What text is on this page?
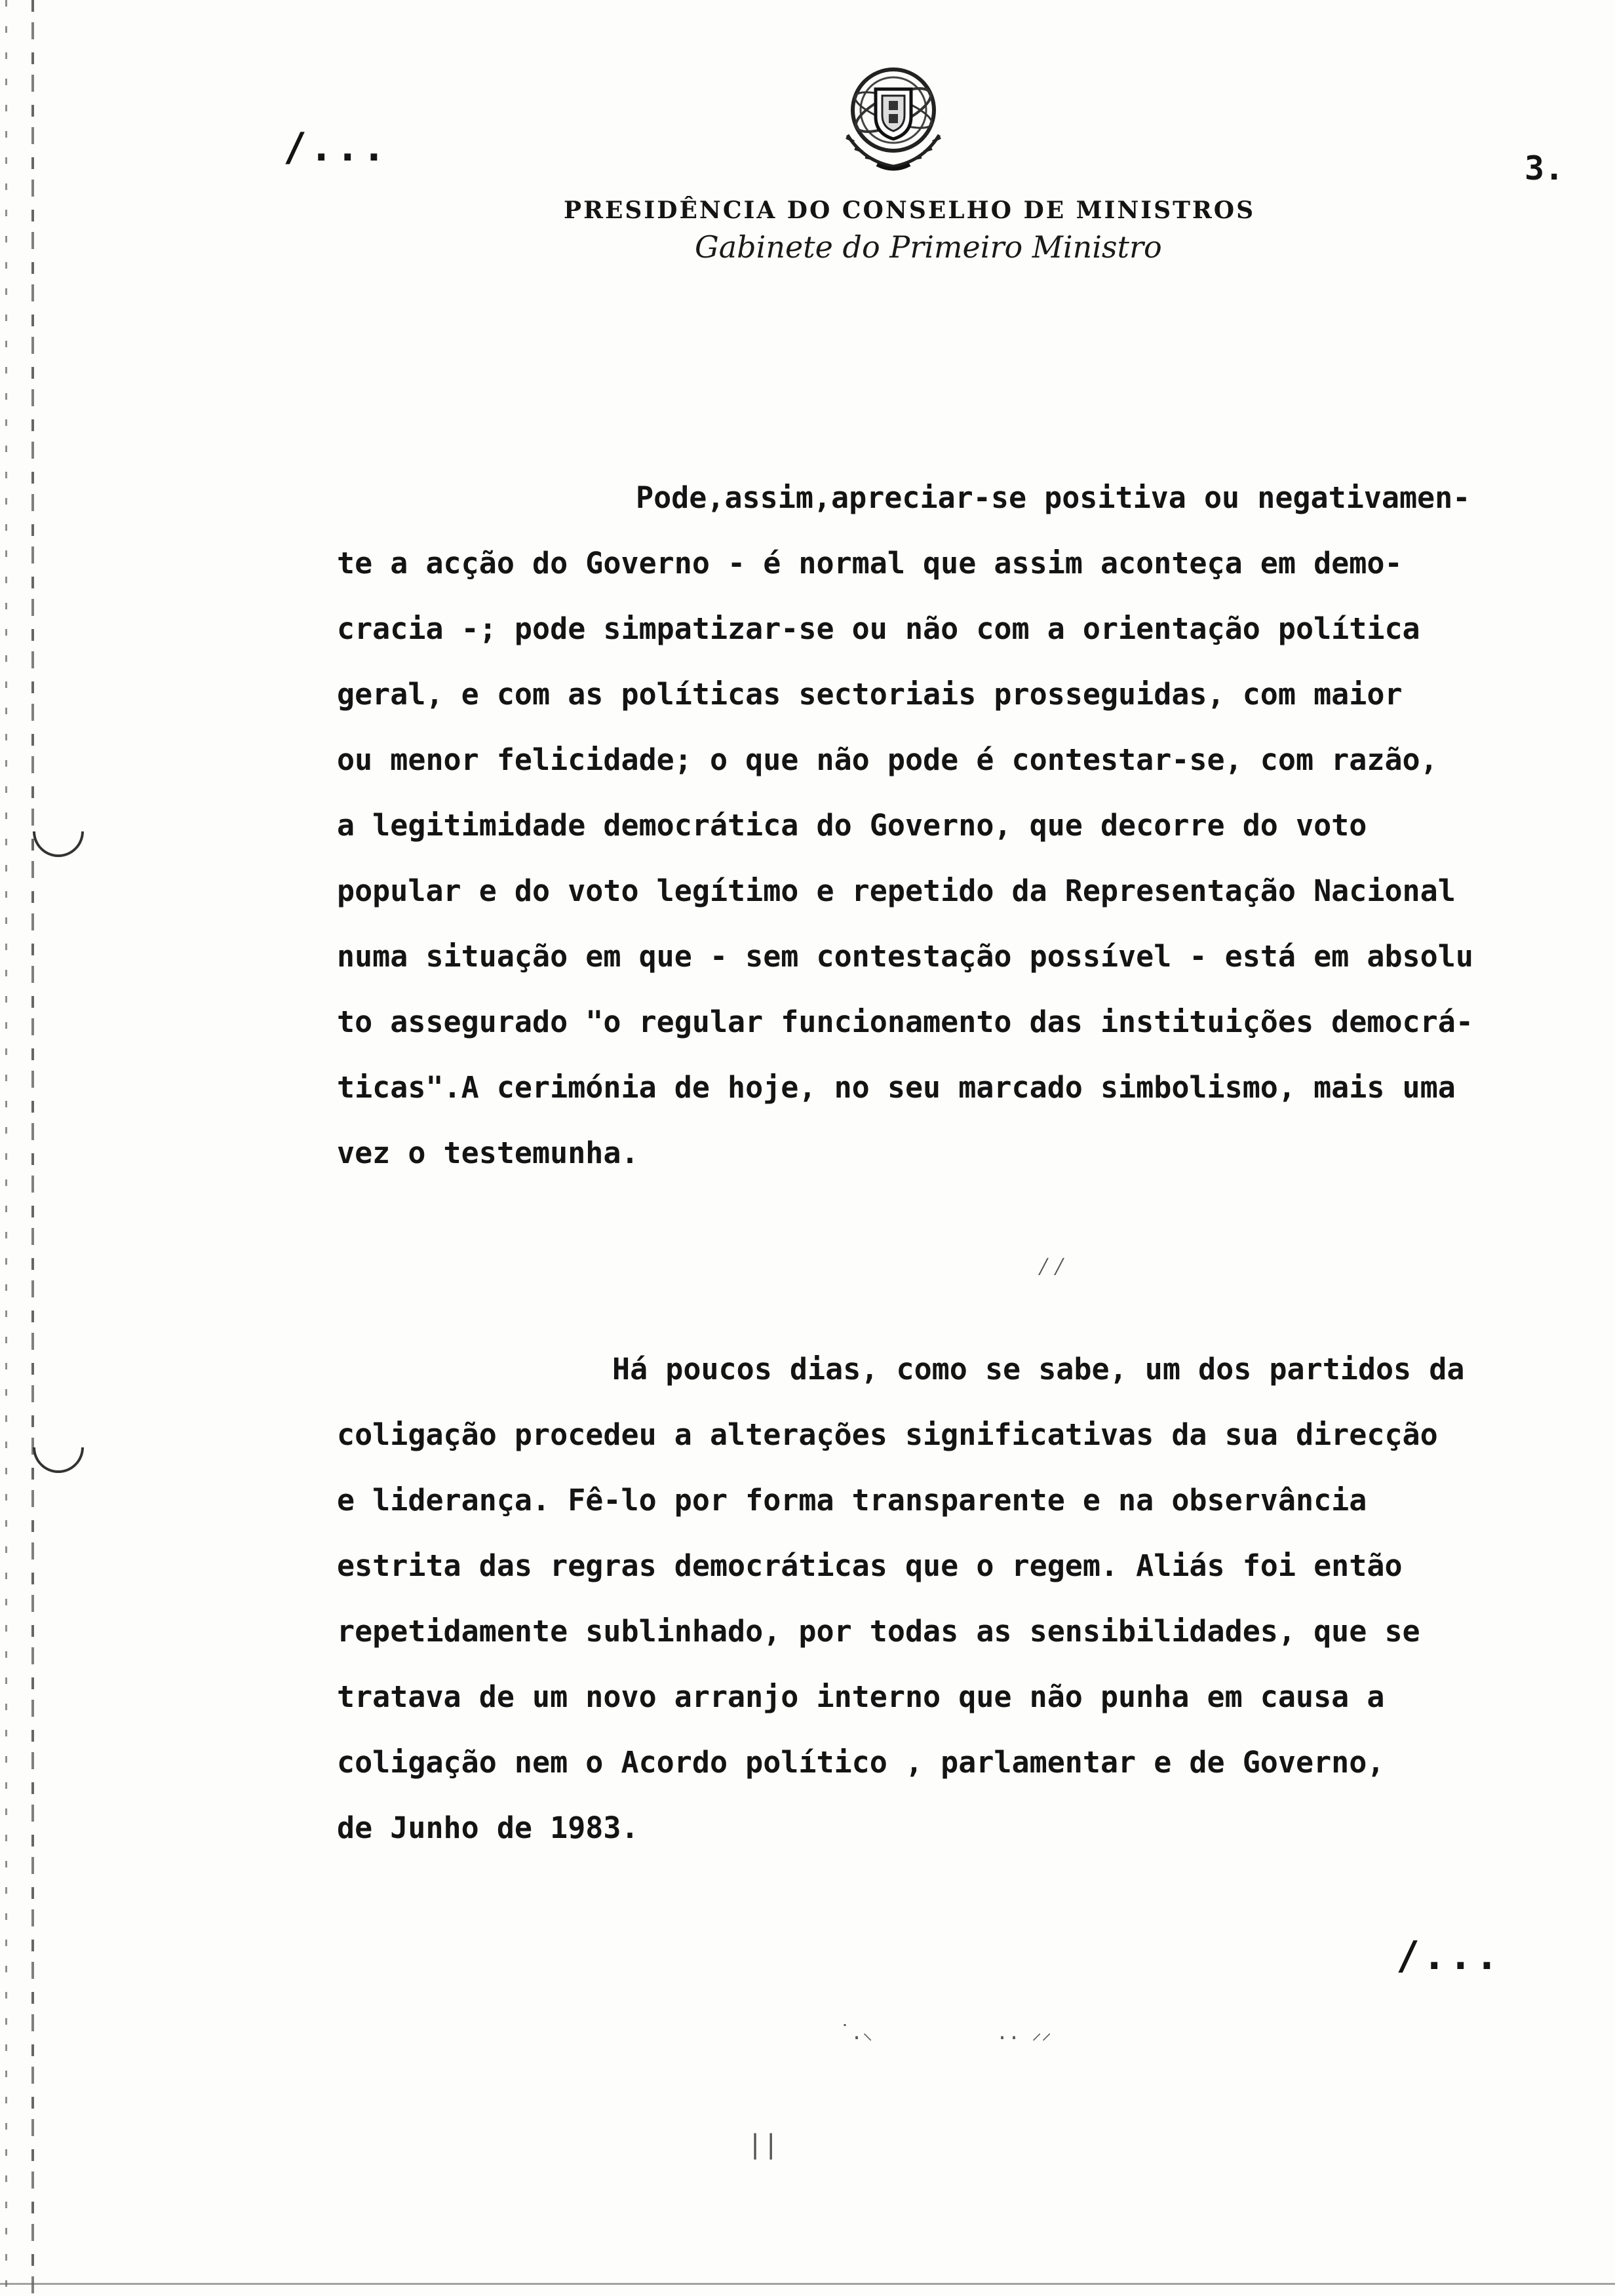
/...	3.
PRESIDÊNCIA DO CONSELHO DE MINISTROS
Gabinete do Primeiro Ministro
Pode,assim,apreciar-se positiva ou negativamen-
te a acção do Governo - é normal que assim aconteça em demo-
cracia -; pode simpatizar-se ou não com a orientação política
geral, e com as políticas sectoriais prosseguidas, com maior
ou menor felicidade; o que não pode é contestar-se, com razão,
a legitimidade democrática do Governo, que decorre do voto
popular e do voto legítimo e repetido da Representação Nacional
numa situação em que - sem contestação possível - está em absolu
to assegurado "o regular funcionamento das instituições democrá-
ticas".A cerimónia de hoje, no seu marcado simbolismo, mais uma
vez o testemunha.
⁄⁄
Há poucos dias, como se sabe, um dos partidos da
coligação procedeu a alterações significativas da sua direcção
e liderança. Fê-lo por forma transparente e na observância
estrita das regras democráticas que o regem. Aliás foi então
repetidamente sublinhado, por todas as sensibilidades, que se
tratava de um novo arranjo interno que não punha em causa a
coligação nem o Acordo político , parlamentar e de Governo,
de Junho de 1983.
/...
˙.⸜	.. ⸝⸝
||
